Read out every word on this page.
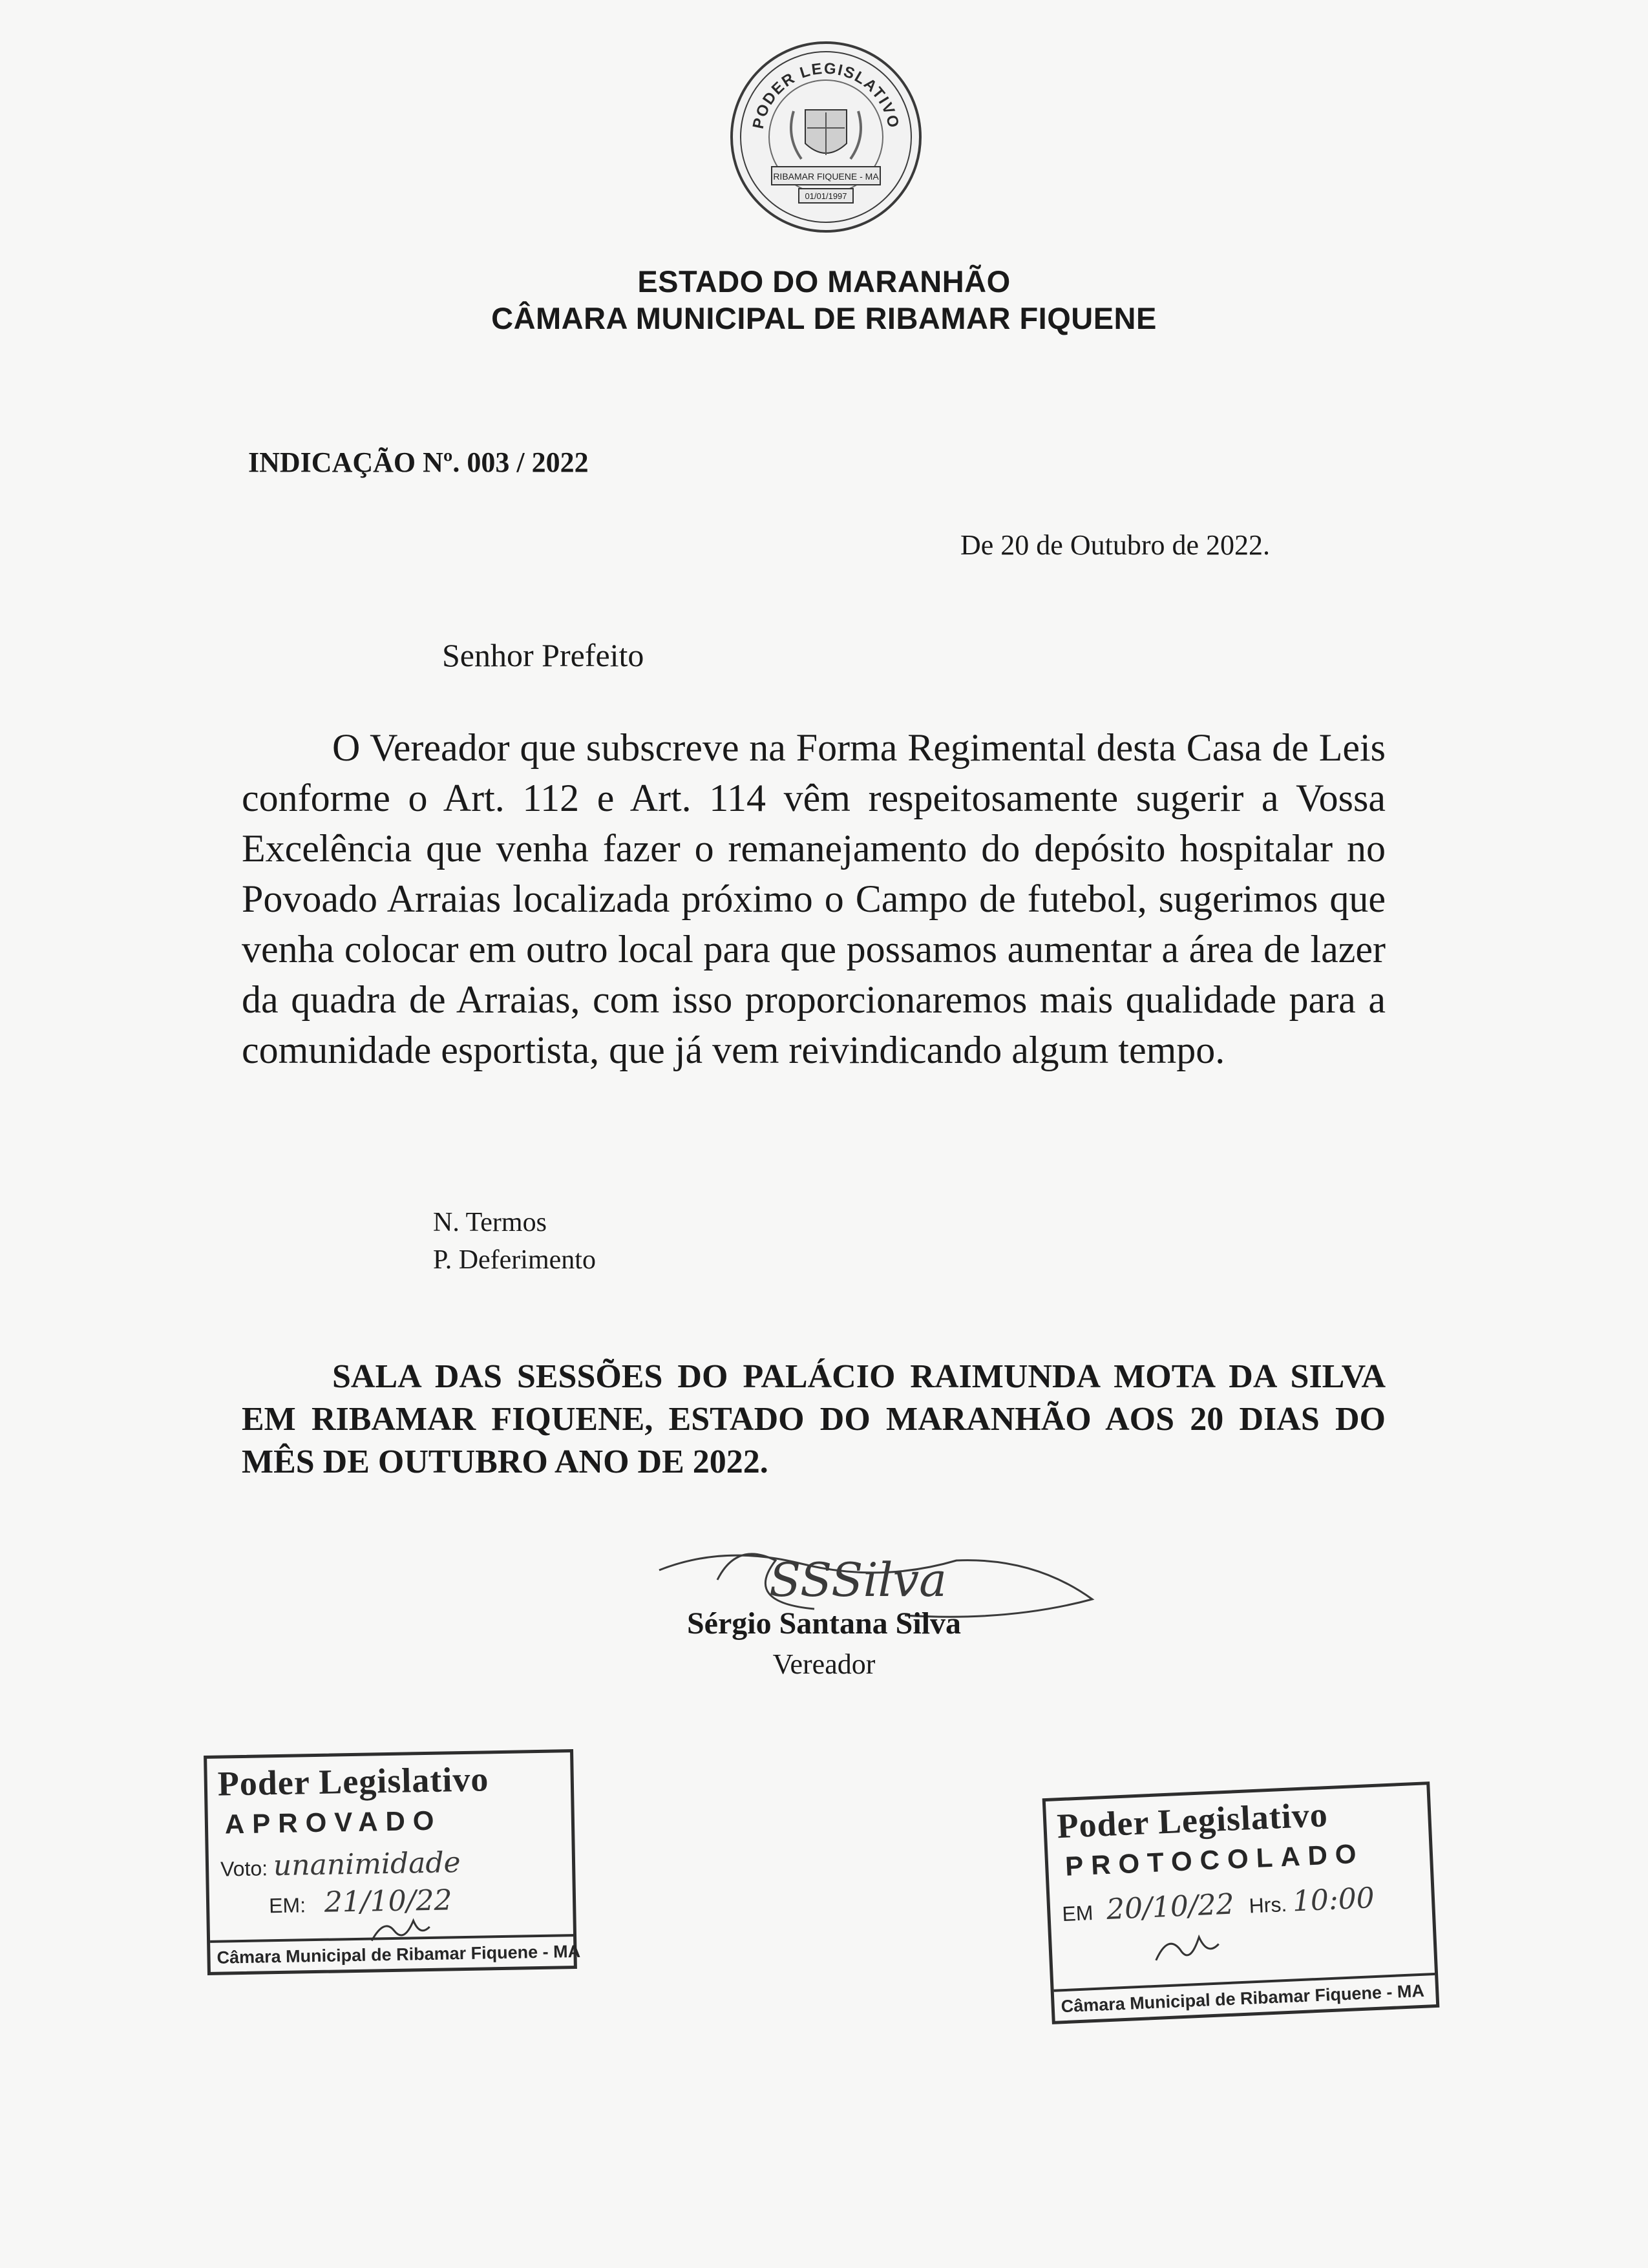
PODER LEGISLATIVO
RIBAMAR FIQUENE - MA
01/01/1997
ESTADO DO MARANHÃO
CÂMARA MUNICIPAL DE RIBAMAR FIQUENE
INDICAÇÃO Nº. 003 / 2022
De 20 de Outubro de 2022.
Senhor Prefeito
O Vereador que subscreve na Forma Regimental desta Casa de Leis conforme o Art. 112 e Art. 114 vêm respeitosamente sugerir a Vossa Excelência que venha fazer o remanejamento do depósito hospitalar no Povoado Arraias localizada próximo o Campo de futebol, sugerimos que venha colocar em outro local para que possamos aumentar a área de lazer da quadra de Arraias, com isso proporcionaremos mais qualidade para a comunidade esportista, que já vem reivindicando algum tempo.
N. Termos
P. Deferimento
SALA DAS SESSÕES DO PALÁCIO RAIMUNDA MOTA DA SILVA EM RIBAMAR FIQUENE, ESTADO DO MARANHÃO AOS 20 DIAS DO MÊS DE OUTUBRO ANO DE 2022.
SSSilva
Sérgio Santana Silva
Vereador
Poder Legislativo
APROVADO
Voto: unanimidade
EM: 21/10/22
Câmara Municipal de Ribamar Fiquene - MA
Poder Legislativo
PROTOCOLADO
EM 20/10/22 Hrs. 10:00
Câmara Municipal de Ribamar Fiquene - MA
